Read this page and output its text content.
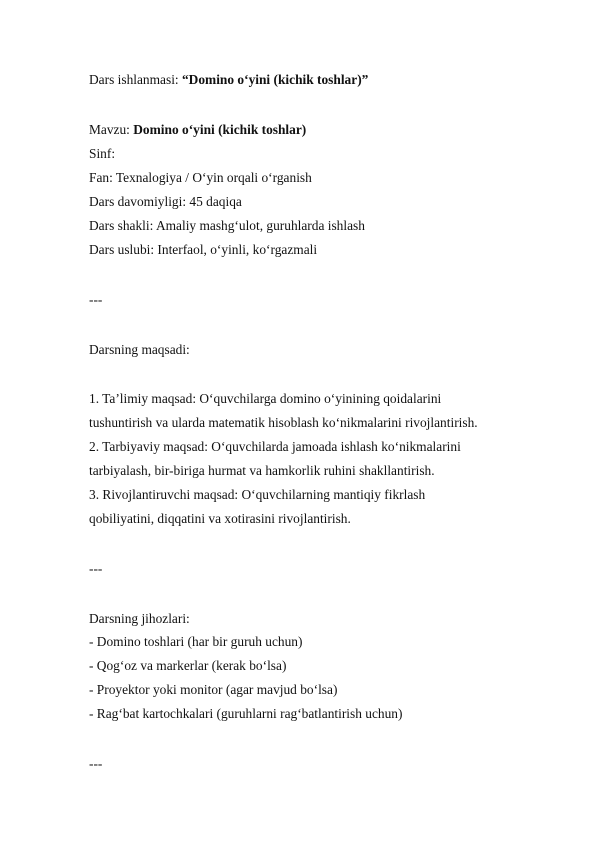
Dars ishlanmasi: “Domino o‘yini (kichik toshlar)”
Mavzu: Domino o‘yini (kichik toshlar)
Sinf:
Fan: Texnalogiya / O‘yin orqali o‘rganish
Dars davomiyligi: 45 daqiqa
Dars shakli: Amaliy mashg‘ulot, guruhlarda ishlash
Dars uslubi: Interfaol, o‘yinli, ko‘rgazmali
---
Darsning maqsadi:
1. Ta’limiy maqsad: O‘quvchilarga domino o‘yinining qoidalarini
tushuntirish va ularda matematik hisoblash ko‘nikmalarini rivojlantirish.
2. Tarbiyaviy maqsad: O‘quvchilarda jamoada ishlash ko‘nikmalarini
tarbiyalash, bir-biriga hurmat va hamkorlik ruhini shakllantirish.
3. Rivojlantiruvchi maqsad: O‘quvchilarning mantiqiy fikrlash
qobiliyatini, diqqatini va xotirasini rivojlantirish.
---
Darsning jihozlari:
- Domino toshlari (har bir guruh uchun)
- Qog‘oz va markerlar (kerak bo‘lsa)
- Proyektor yoki monitor (agar mavjud bo‘lsa)
- Rag‘bat kartochkalari (guruhlarni rag‘batlantirish uchun)
---
